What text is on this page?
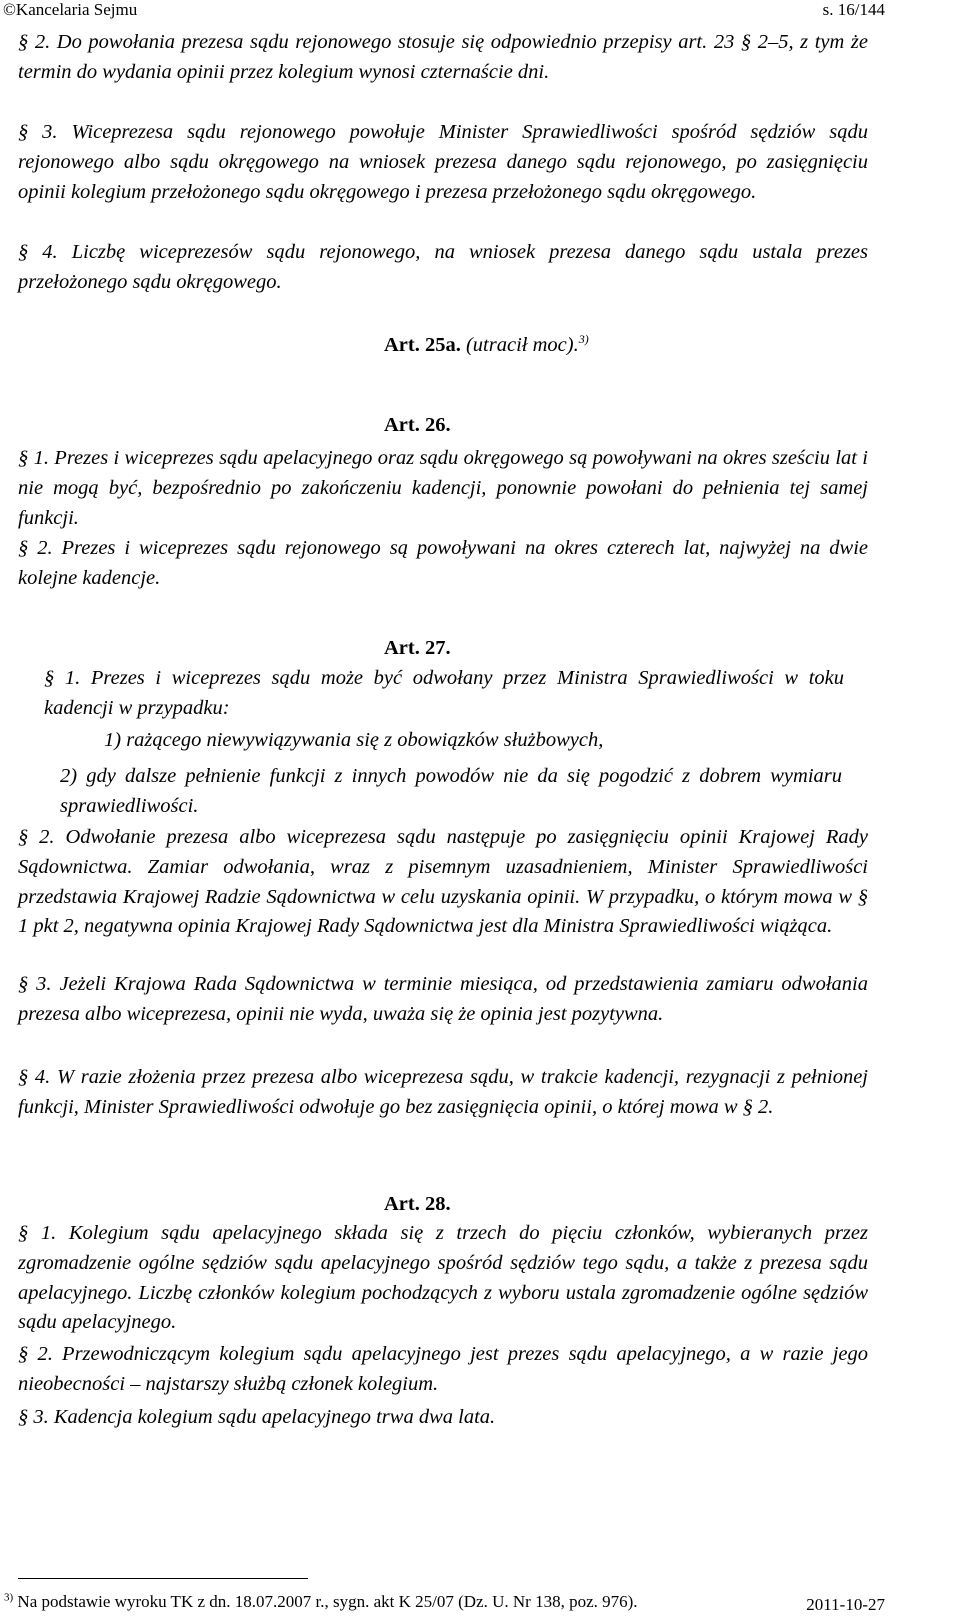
©Kancelaria Sejmu	s. 16/144
§ 2. Do powołania prezesa sądu rejonowego stosuje się odpowiednio przepisy art. 23 § 2–5, z tym że termin do wydania opinii przez kolegium wynosi czternaście dni.
§ 3. Wiceprezesa sądu rejonowego powołuje Minister Sprawiedliwości spośród sędziów sądu rejonowego albo sądu okręgowego na wniosek prezesa danego sądu rejonowego, po zasięgnięciu opinii kolegium przełożonego sądu okręgowego i prezesa przełożonego sądu okręgowego.
§ 4. Liczbę wiceprezesów sądu rejonowego, na wniosek prezesa danego sądu ustala prezes przełożonego sądu okręgowego.
Art. 25a. (utracił moc).$^{3)}$
Art. 26.
§ 1. Prezes i wiceprezes sądu apelacyjnego oraz sądu okręgowego są powoływani na okres sześciu lat i nie mogą być, bezpośrednio po zakończeniu kadencji, ponownie powołani do pełnienia tej samej funkcji.
§ 2. Prezes i wiceprezes sądu rejonowego są powoływani na okres czterech lat, najwyżej na dwie kolejne kadencje.
Art. 27.
§ 1. Prezes i wiceprezes sądu może być odwołany przez Ministra Sprawiedliwości w toku kadencji w przypadku:
1) rażącego niewywiązywania się z obowiązków służbowych,
2) gdy dalsze pełnienie funkcji z innych powodów nie da się pogodzić z dobrem wymiaru sprawiedliwości.
§ 2. Odwołanie prezesa albo wiceprezesa sądu następuje po zasięgnięciu opinii Krajowej Rady Sądownictwa. Zamiar odwołania, wraz z pisemnym uzasadnieniem, Minister Sprawiedliwości przedstawia Krajowej Radzie Sądownictwa w celu uzyskania opinii. W przypadku, o którym mowa w § 1 pkt 2, negatywna opinia Krajowej Rady Sądownictwa jest dla Ministra Sprawiedliwości wiążąca.
§ 3. Jeżeli Krajowa Rada Sądownictwa w terminie miesiąca, od przedstawienia zamiaru odwołania prezesa albo wiceprezesa, opinii nie wyda, uważa się że opinia jest pozytywna.
§ 4. W razie złożenia przez prezesa albo wiceprezesa sądu, w trakcie kadencji, rezygnacji z pełnionej funkcji, Minister Sprawiedliwości odwołuje go bez zasięgnięcia opinii, o której mowa w § 2.
Art. 28.
§ 1. Kolegium sądu apelacyjnego składa się z trzech do pięciu członków, wybieranych przez zgromadzenie ogólne sędziów sądu apelacyjnego spośród sędziów tego sądu, a także z prezesa sądu apelacyjnego. Liczbę członków kolegium pochodzących z wyboru ustala zgromadzenie ogólne sędziów sądu apelacyjnego.
§ 2. Przewodniczącym kolegium sądu apelacyjnego jest prezes sądu apelacyjnego, a w razie jego nieobecności – najstarszy służbą członek kolegium.
§ 3. Kadencja kolegium sądu apelacyjnego trwa dwa lata.
$^{3)}$ Na podstawie wyroku TK z dn. 18.07.2007 r., sygn. akt K 25/07 (Dz. U. Nr 138, poz. 976).	2011-10-27
